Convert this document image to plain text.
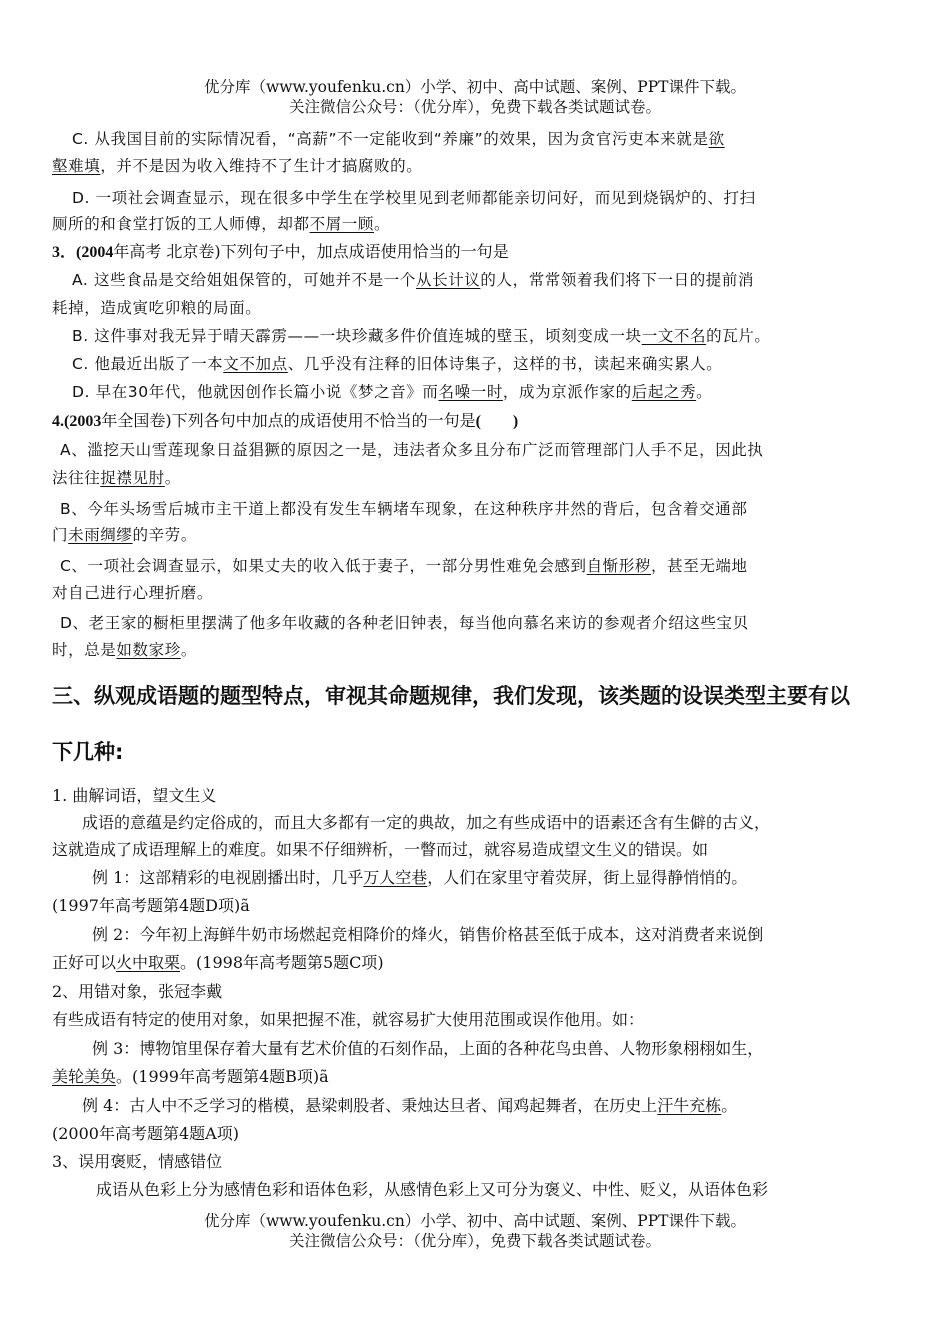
优分库（www.youfenku.cn）小学、初中、高中试题、案例、PPT课件下载。
关注微信公众号：（优分库），免费下载各类试题试卷。
C. 从我国目前的实际情况看，“高薪”不一定能收到“养廉”的效果，因为贪官污吏本来就是欲
壑难填，并不是因为收入维持不了生计才搞腐败的。
D. 一项社会调查显示，现在很多中学生在学校里见到老师都能亲切问好，而见到烧锅炉的、打扫
厕所的和食堂打饭的工人师傅，却都不屑一顾。
3．(2004年高考 北京卷)下列句子中，加点成语使用恰当的一句是
A. 这些食品是交给姐姐保管的，可她并不是一个从长计议的人，常常领着我们将下一日的提前消
耗掉，造成寅吃卯粮的局面。
B. 这件事对我无异于晴天霹雳——一块珍藏多件价值连城的壁玉，顷刻变成一块一文不名的瓦片。
C. 他最近出版了一本文不加点、几乎没有注释的旧体诗集子，这样的书，读起来确实累人。
D. 早在30年代，他就因创作长篇小说《梦之音》而名噪一时，成为京派作家的后起之秀。
4.(2003年全国卷)下列各句中加点的成语使用不恰当的一句是(　　)
A、滥挖天山雪莲现象日益猖獗的原因之一是，违法者众多且分布广泛而管理部门人手不足，因此执
法往往捉襟见肘。
B、今年头场雪后城市主干道上都没有发生车辆堵车现象，在这种秩序井然的背后，包含着交通部
门未雨绸缪的辛劳。
C、一项社会调查显示，如果丈夫的收入低于妻子，一部分男性难免会感到自惭形秽，甚至无端地
对自己进行心理折磨。
D、老王家的橱柜里摆满了他多年收藏的各种老旧钟表，每当他向慕名来访的参观者介绍这些宝贝
时，总是如数家珍。
三、纵观成语题的题型特点，审视其命题规律，我们发现，该类题的设误类型主要有以
下几种:
1. 曲解词语，望文生义
成语的意蕴是约定俗成的，而且大多都有一定的典故，加之有些成语中的语素还含有生僻的古义，
这就造成了成语理解上的难度。如果不仔细辨析，一瞥而过，就容易造成望文生义的错误。如
例 1：这部精彩的电视剧播出时，几乎万人空巷，人们在家里守着荧屏，街上显得静悄悄的。
(1997年高考题第4题D项)ã
例 2：今年初上海鲜牛奶市场燃起竞相降价的烽火，销售价格甚至低于成本，这对消费者来说倒
正好可以火中取栗。(1998年高考题第5题C项)
2、用错对象，张冠李戴
有些成语有特定的使用对象，如果把握不准，就容易扩大使用范围或误作他用。如：
例 3：博物馆里保存着大量有艺术价值的石刻作品，上面的各种花鸟虫兽、人物形象栩栩如生，
美轮美奂。(1999年高考题第4题B项)ã
例 4：古人中不乏学习的楷模，悬梁刺股者、秉烛达旦者、闻鸡起舞者，在历史上汗牛充栋。
(2000年高考题第4题A项)
3、误用褒贬，情感错位
成语从色彩上分为感情色彩和语体色彩，从感情色彩上又可分为褒义、中性、贬义，从语体色彩
优分库（www.youfenku.cn）小学、初中、高中试题、案例、PPT课件下载。
关注微信公众号：（优分库），免费下载各类试题试卷。
